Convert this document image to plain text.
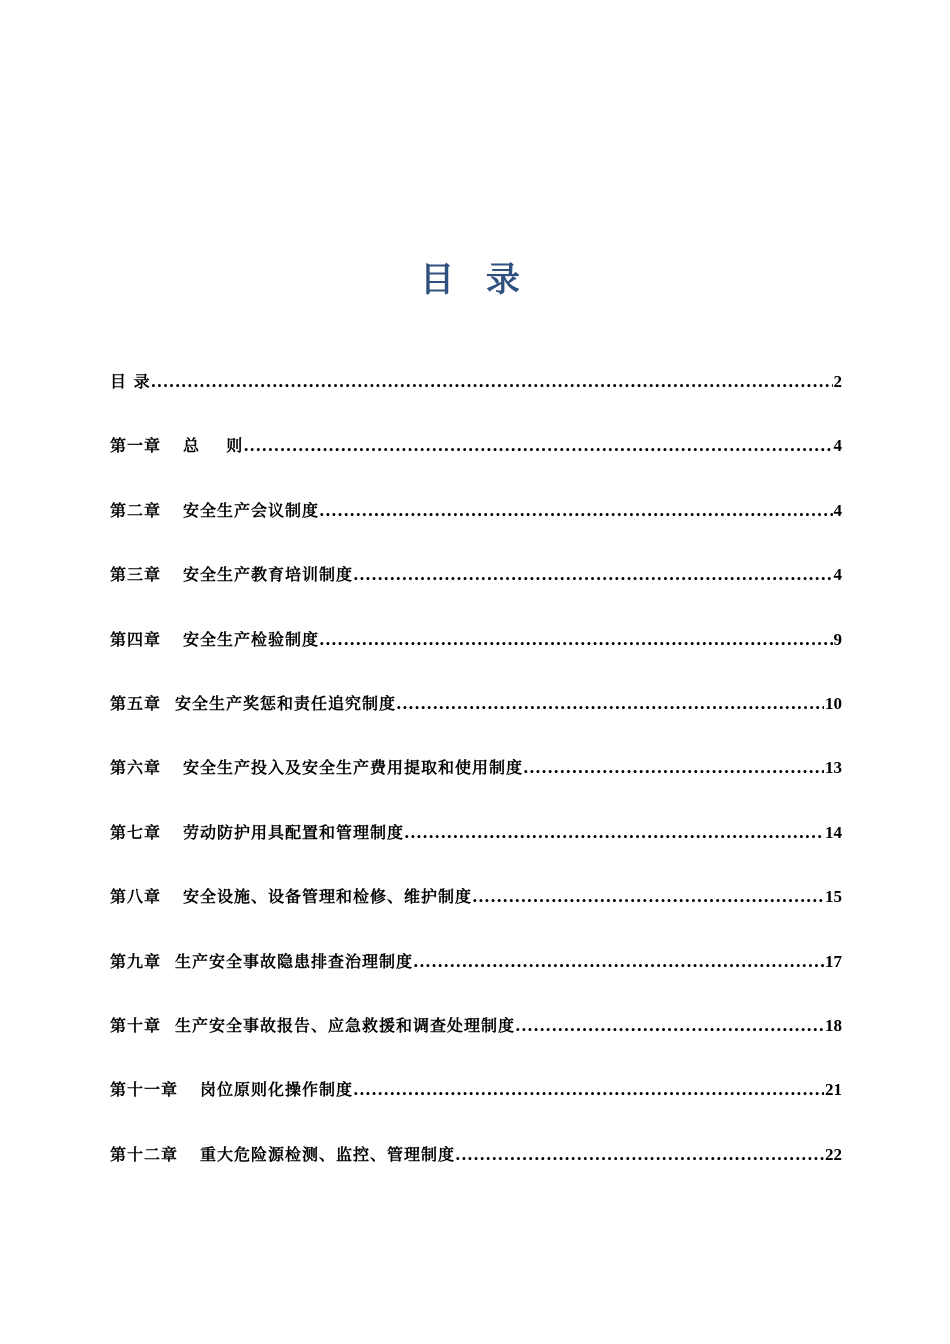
目 录
目 录 .....	2
第一章 总    则 .....	4
第二章 安全生产会议制度 .....	4
第三章 安全生产教育培训制度 .....	4
第四章 安全生产检验制度 .....	9
第五章 安全生产奖惩和责任追究制度 .....	10
第六章 安全生产投入及安全生产费用提取和使用制度 .....	13
第七章 劳动防护用具配置和管理制度 .....	14
第八章 安全设施、设备管理和检修、维护制度 .....	15
第九章 生产安全事故隐患排查治理制度 .....	17
第十章 生产安全事故报告、应急救援和调查处理制度 .....	18
第十一章 岗位原则化操作制度 .....	21
第十二章 重大危险源检测、监控、管理制度 .....	22
